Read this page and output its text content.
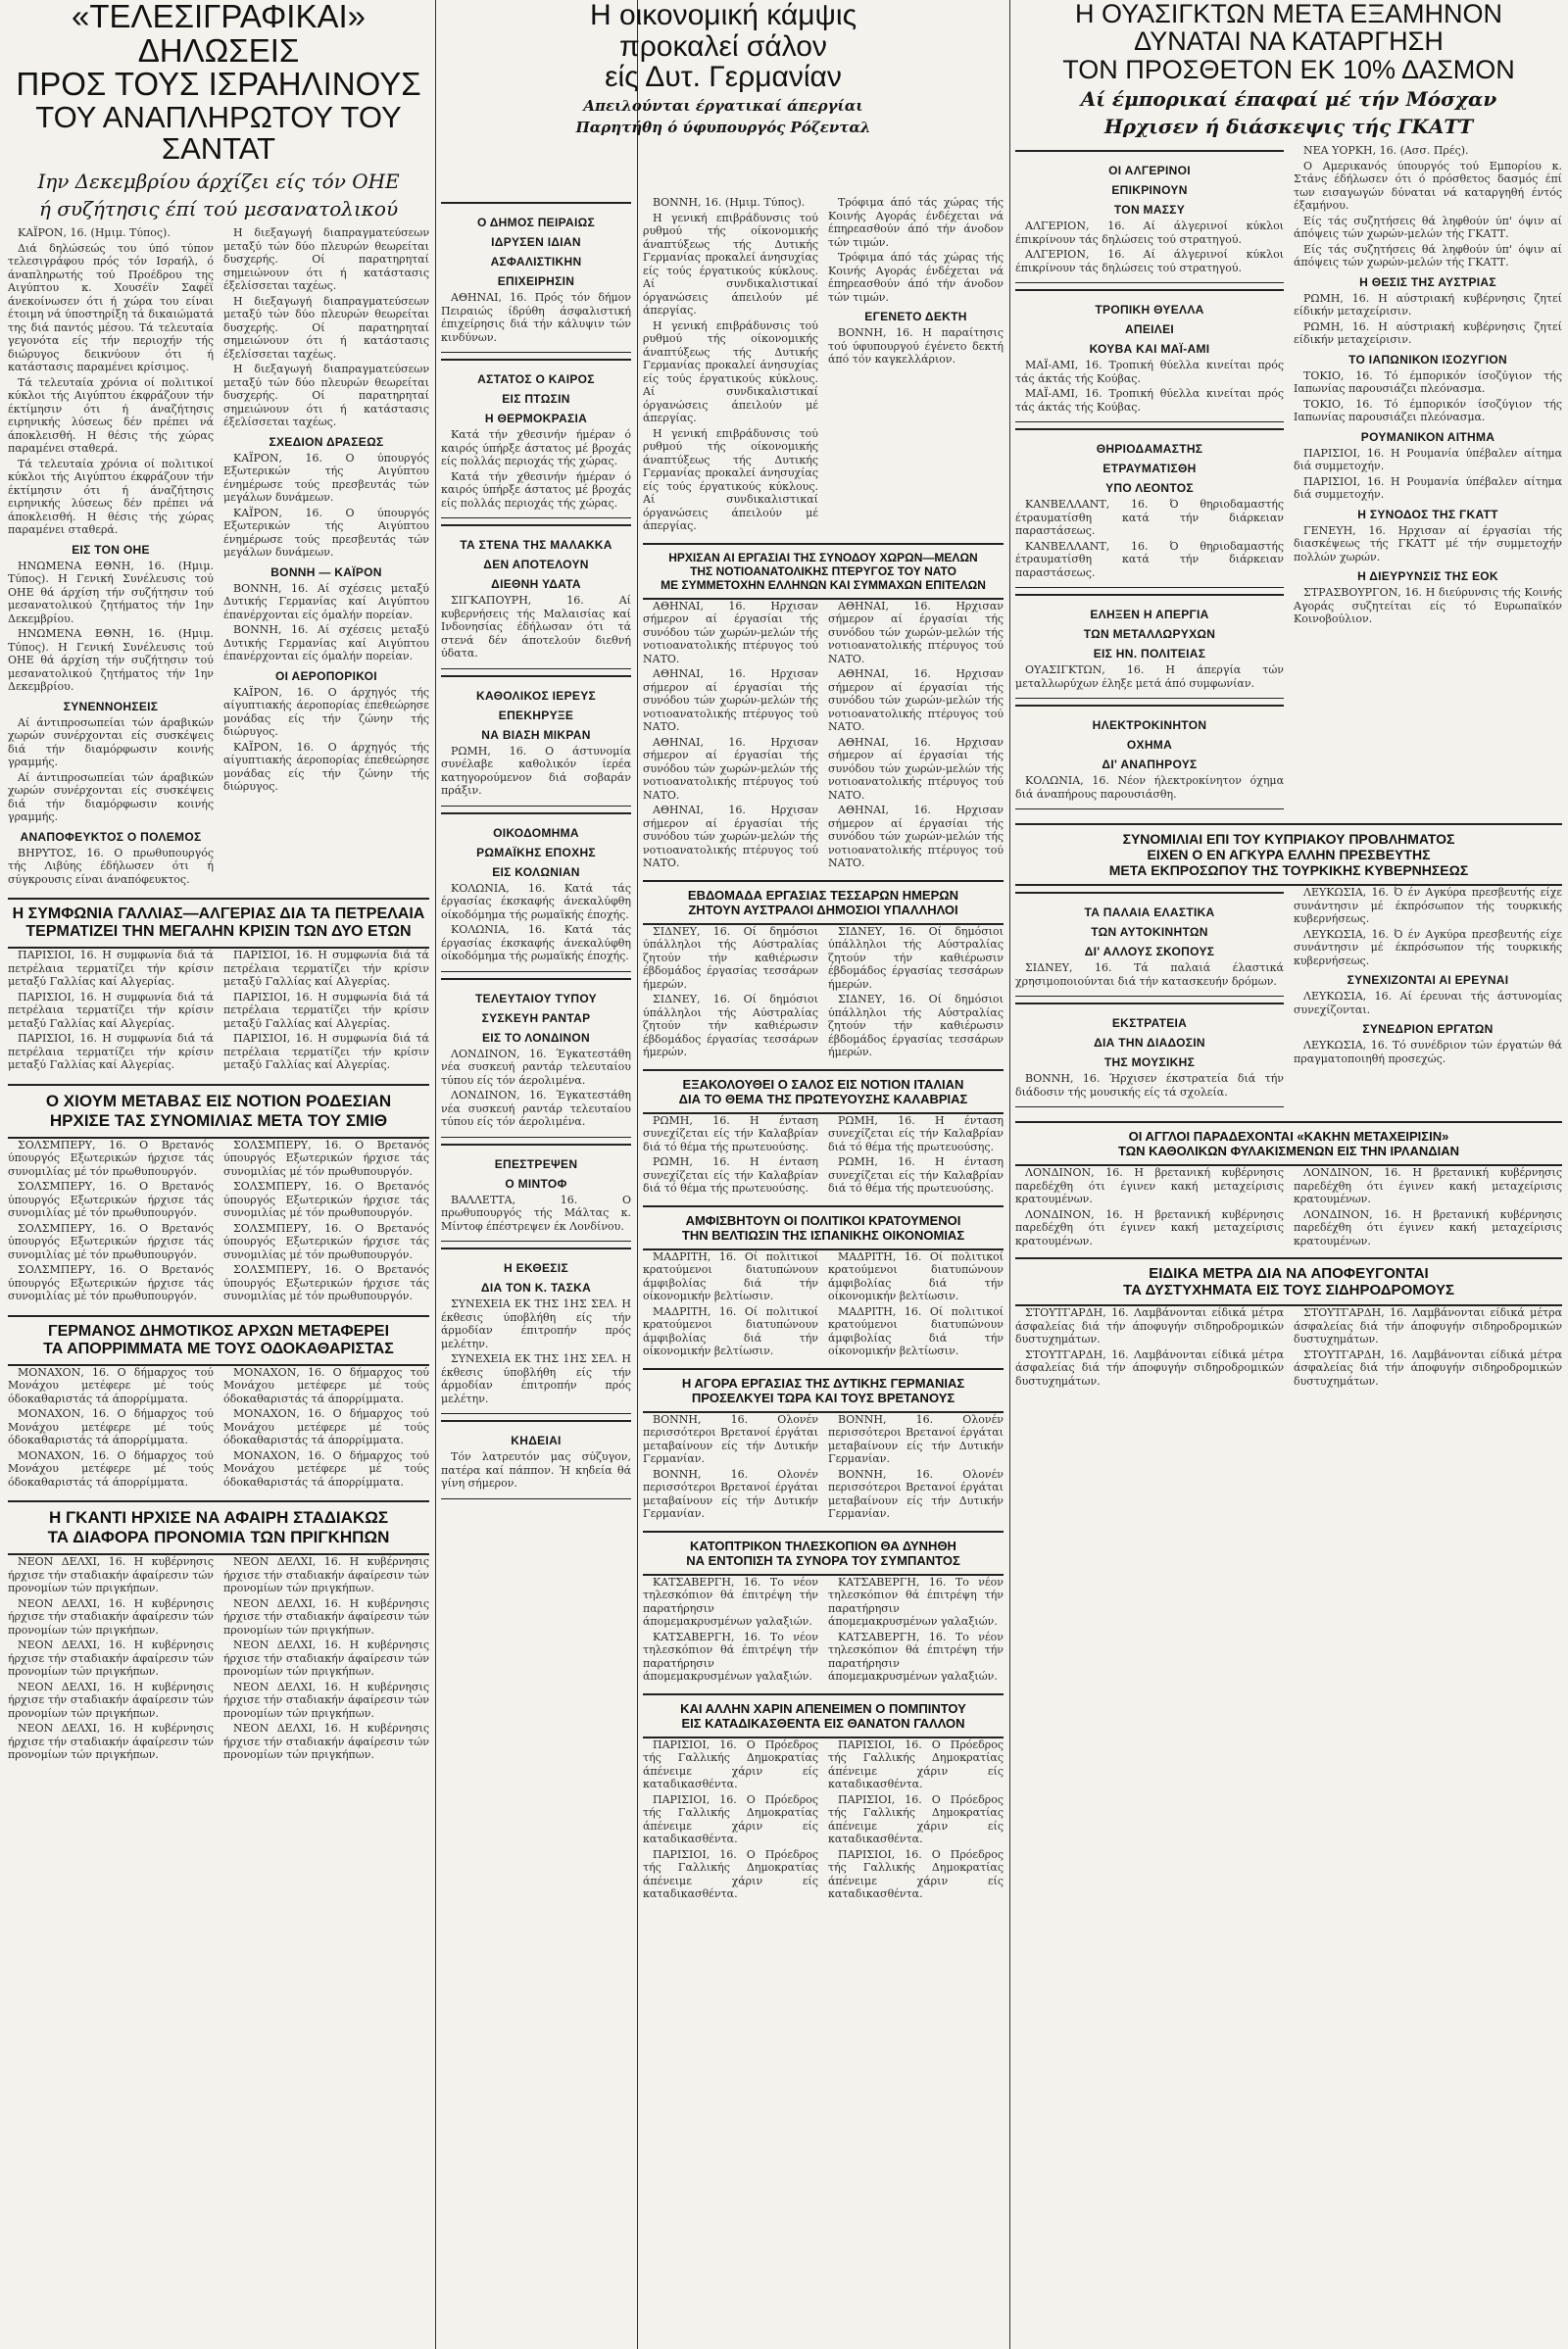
«ΤΕΛΕΣΙΓΡΑΦΙΚΑΙ» ΔΗΛΩΣΕΙΣ
ΠΡΟΣ ΤΟΥΣ ΙΣΡΑΗΛΙΝΟΥΣ
ΤΟΥ ΑΝΑΠΛΗΡΩΤΟΥ ΤΟΥ ΣΑΝΤΑΤ
Ιην Δεκεμβρίου άρχίζει είς τόν ΟΗΕ
ή συζήτησις έπί τού μεσανατολικού

ΚΑΪΡΟΝ, 16. (Ημιμ. Τύπος).

Διά δηλώσεώς του ύπό τύπον τελεσιγράφου πρός τόν Ισραήλ, ό άναπληρωτής τού Προέδρου της Αιγύπτου κ. Χουσέϊν Σαφέϊ άνεκοίνωσεν ότι ή χώρα του είναι έτοιμη νά ύποστηρίξη τά δικαιώματά της διά παντός μέσου. Τά τελευταία γεγονότα είς τήν περιοχήν τής διώρυγος δεικνύουν ότι ή κατάστασις παραμένει κρίσιμος.

Τά τελευταία χρόνια οί πολιτικοί κύκλοι τής Αιγύπτου έκφράζουν τήν έκτίμησιν ότι ή άναζήτησις ειρηνικής λύσεως δέν πρέπει νά άποκλεισθή. Η θέσις τής χώρας παραμένει σταθερά.

Τά τελευταία χρόνια οί πολιτικοί κύκλοι τής Αιγύπτου έκφράζουν τήν έκτίμησιν ότι ή άναζήτησις ειρηνικής λύσεως δέν πρέπει νά άποκλεισθή. Η θέσις τής χώρας παραμένει σταθερά.

ΕΙΣ ΤΟΝ ΟΗΕ

ΗΝΩΜΕΝΑ ΕΘΝΗ, 16. (Ημιμ. Τύπος). Η Γενική Συνέλευσις τού ΟΗΕ θά άρχίση τήν συζήτησιν τού μεσανατολικού ζητήματος τήν 1ην Δεκεμβρίου.

ΗΝΩΜΕΝΑ ΕΘΝΗ, 16. (Ημιμ. Τύπος). Η Γενική Συνέλευσις τού ΟΗΕ θά άρχίση τήν συζήτησιν τού μεσανατολικού ζητήματος τήν 1ην Δεκεμβρίου.

ΣΥΝΕΝΝΟΗΣΕΙΣ

Αί άντιπροσωπείαι τών άραβικών χωρών συνέρχονται είς συσκέψεις διά τήν διαμόρφωσιν κοινής γραμμής.

Αί άντιπροσωπείαι τών άραβικών χωρών συνέρχονται είς συσκέψεις διά τήν διαμόρφωσιν κοινής γραμμής.

ΑΝΑΠΟΦΕΥΚΤΟΣ Ο ΠΟΛΕΜΟΣ

ΒΗΡΥΤΟΣ, 16. Ο πρωθυπουργός τής Λιβύης έδήλωσεν ότι ή σύγκρουσις είναι άναπόφευκτος.

Η διεξαγωγή διαπραγματεύσεων μεταξύ τών δύο πλευρών θεωρείται δυσχερής. Οί παρατηρηταί σημειώνουν ότι ή κατάστασις έξελίσσεται ταχέως.

Η διεξαγωγή διαπραγματεύσεων μεταξύ τών δύο πλευρών θεωρείται δυσχερής. Οί παρατηρηταί σημειώνουν ότι ή κατάστασις έξελίσσεται ταχέως.

Η διεξαγωγή διαπραγματεύσεων μεταξύ τών δύο πλευρών θεωρείται δυσχερής. Οί παρατηρηταί σημειώνουν ότι ή κατάστασις έξελίσσεται ταχέως.

ΣΧΕΔΙΟΝ ΔΡΑΣΕΩΣ

ΚΑΪΡΟΝ, 16. Ο ύπουργός Εξωτερικών τής Αιγύπτου ένημέρωσε τούς πρεσβευτάς τών μεγάλων δυνάμεων.

ΚΑΪΡΟΝ, 16. Ο ύπουργός Εξωτερικών τής Αιγύπτου ένημέρωσε τούς πρεσβευτάς τών μεγάλων δυνάμεων.

ΒΟΝΝΗ — ΚΑΪΡΟΝ

ΒΟΝΝΗ, 16. Αί σχέσεις μεταξύ Δυτικής Γερμανίας καί Αιγύπτου έπανέρχονται είς όμαλήν πορείαν.

ΒΟΝΝΗ, 16. Αί σχέσεις μεταξύ Δυτικής Γερμανίας καί Αιγύπτου έπανέρχονται είς όμαλήν πορείαν.

ΟΙ ΑΕΡΟΠΟΡΙΚΟΙ

ΚΑΪΡΟΝ, 16. Ο άρχηγός τής αίγυπτιακής άεροπορίας έπεθεώρησε μονάδας είς τήν ζώνην τής διώρυγος.

ΚΑΪΡΟΝ, 16. Ο άρχηγός τής αίγυπτιακής άεροπορίας έπεθεώρησε μονάδας είς τήν ζώνην τής διώρυγος.

Η ΣΥΜΦΩΝΙΑ ΓΑΛΛΙΑΣ—ΑΛΓΕΡΙΑΣ ΔΙΑ ΤΑ ΠΕΤΡΕΛΑΙΑ
ΤΕΡΜΑΤΙΖΕΙ ΤΗΝ ΜΕΓΑΛΗΝ ΚΡΙΣΙΝ ΤΩΝ ΔΥΟ ΕΤΩΝ

ΠΑΡΙΣΙΟΙ, 16. Η συμφωνία διά τά πετρέλαια τερματίζει τήν κρίσιν μεταξύ Γαλλίας καί Αλγερίας.

ΠΑΡΙΣΙΟΙ, 16. Η συμφωνία διά τά πετρέλαια τερματίζει τήν κρίσιν μεταξύ Γαλλίας καί Αλγερίας.

ΠΑΡΙΣΙΟΙ, 16. Η συμφωνία διά τά πετρέλαια τερματίζει τήν κρίσιν μεταξύ Γαλλίας καί Αλγερίας.

ΠΑΡΙΣΙΟΙ, 16. Η συμφωνία διά τά πετρέλαια τερματίζει τήν κρίσιν μεταξύ Γαλλίας καί Αλγερίας.

ΠΑΡΙΣΙΟΙ, 16. Η συμφωνία διά τά πετρέλαια τερματίζει τήν κρίσιν μεταξύ Γαλλίας καί Αλγερίας.

ΠΑΡΙΣΙΟΙ, 16. Η συμφωνία διά τά πετρέλαια τερματίζει τήν κρίσιν μεταξύ Γαλλίας καί Αλγερίας.

Ο ΧΙΟΥΜ ΜΕΤΑΒΑΣ ΕΙΣ ΝΟΤΙΟΝ ΡΟΔΕΣΙΑΝ
ΗΡΧΙΣΕ ΤΑΣ ΣΥΝΟΜΙΛΙΑΣ ΜΕΤΑ ΤΟΥ ΣΜΙΘ

ΣΟΛΣΜΠΕΡΥ, 16. Ο Βρετανός ύπουργός Εξωτερικών ήρχισε τάς συνομιλίας μέ τόν πρωθυπουργόν.

ΣΟΛΣΜΠΕΡΥ, 16. Ο Βρετανός ύπουργός Εξωτερικών ήρχισε τάς συνομιλίας μέ τόν πρωθυπουργόν.

ΣΟΛΣΜΠΕΡΥ, 16. Ο Βρετανός ύπουργός Εξωτερικών ήρχισε τάς συνομιλίας μέ τόν πρωθυπουργόν.

ΣΟΛΣΜΠΕΡΥ, 16. Ο Βρετανός ύπουργός Εξωτερικών ήρχισε τάς συνομιλίας μέ τόν πρωθυπουργόν.

ΣΟΛΣΜΠΕΡΥ, 16. Ο Βρετανός ύπουργός Εξωτερικών ήρχισε τάς συνομιλίας μέ τόν πρωθυπουργόν.

ΣΟΛΣΜΠΕΡΥ, 16. Ο Βρετανός ύπουργός Εξωτερικών ήρχισε τάς συνομιλίας μέ τόν πρωθυπουργόν.

ΣΟΛΣΜΠΕΡΥ, 16. Ο Βρετανός ύπουργός Εξωτερικών ήρχισε τάς συνομιλίας μέ τόν πρωθυπουργόν.

ΣΟΛΣΜΠΕΡΥ, 16. Ο Βρετανός ύπουργός Εξωτερικών ήρχισε τάς συνομιλίας μέ τόν πρωθυπουργόν.

ΓΕΡΜΑΝΟΣ ΔΗΜΟΤΙΚΟΣ ΑΡΧΩΝ ΜΕΤΑΦΕΡΕΙ
ΤΑ ΑΠΟΡΡΙΜΜΑΤΑ ΜΕ ΤΟΥΣ ΟΔΟΚΑΘΑΡΙΣΤΑΣ

ΜΟΝΑΧΟΝ, 16. Ο δήμαρχος τού Μονάχου μετέφερε μέ τούς όδοκαθαριστάς τά άπορρίμματα.

ΜΟΝΑΧΟΝ, 16. Ο δήμαρχος τού Μονάχου μετέφερε μέ τούς όδοκαθαριστάς τά άπορρίμματα.

ΜΟΝΑΧΟΝ, 16. Ο δήμαρχος τού Μονάχου μετέφερε μέ τούς όδοκαθαριστάς τά άπορρίμματα.

ΜΟΝΑΧΟΝ, 16. Ο δήμαρχος τού Μονάχου μετέφερε μέ τούς όδοκαθαριστάς τά άπορρίμματα.

ΜΟΝΑΧΟΝ, 16. Ο δήμαρχος τού Μονάχου μετέφερε μέ τούς όδοκαθαριστάς τά άπορρίμματα.

ΜΟΝΑΧΟΝ, 16. Ο δήμαρχος τού Μονάχου μετέφερε μέ τούς όδοκαθαριστάς τά άπορρίμματα.

Η ΓΚΑΝΤΙ ΗΡΧΙΣΕ ΝΑ ΑΦΑΙΡΗ ΣΤΑΔΙΑΚΩΣ
ΤΑ ΔΙΑΦΟΡΑ ΠΡΟΝΟΜΙΑ ΤΩΝ ΠΡΙΓΚΗΠΩΝ

ΝΕΟΝ ΔΕΛΧΙ, 16. Η κυβέρνησις ήρχισε τήν σταδιακήν άφαίρεσιν τών προνομίων τών πριγκήπων.

ΝΕΟΝ ΔΕΛΧΙ, 16. Η κυβέρνησις ήρχισε τήν σταδιακήν άφαίρεσιν τών προνομίων τών πριγκήπων.

ΝΕΟΝ ΔΕΛΧΙ, 16. Η κυβέρνησις ήρχισε τήν σταδιακήν άφαίρεσιν τών προνομίων τών πριγκήπων.

ΝΕΟΝ ΔΕΛΧΙ, 16. Η κυβέρνησις ήρχισε τήν σταδιακήν άφαίρεσιν τών προνομίων τών πριγκήπων.

ΝΕΟΝ ΔΕΛΧΙ, 16. Η κυβέρνησις ήρχισε τήν σταδιακήν άφαίρεσιν τών προνομίων τών πριγκήπων.

ΝΕΟΝ ΔΕΛΧΙ, 16. Η κυβέρνησις ήρχισε τήν σταδιακήν άφαίρεσιν τών προνομίων τών πριγκήπων.

ΝΕΟΝ ΔΕΛΧΙ, 16. Η κυβέρνησις ήρχισε τήν σταδιακήν άφαίρεσιν τών προνομίων τών πριγκήπων.

ΝΕΟΝ ΔΕΛΧΙ, 16. Η κυβέρνησις ήρχισε τήν σταδιακήν άφαίρεσιν τών προνομίων τών πριγκήπων.

ΝΕΟΝ ΔΕΛΧΙ, 16. Η κυβέρνησις ήρχισε τήν σταδιακήν άφαίρεσιν τών προνομίων τών πριγκήπων.

ΝΕΟΝ ΔΕΛΧΙ, 16. Η κυβέρνησις ήρχισε τήν σταδιακήν άφαίρεσιν τών προνομίων τών πριγκήπων.

Ο ΔΗΜΟΣ ΠΕΙΡΑΙΩΣ
ΙΔΡΥΣΕΝ ΙΔΙΑΝ
ΑΣΦΑΛΙΣΤΙΚΗΝ
ΕΠΙΧΕΙΡΗΣΙΝ

ΑΘΗΝΑΙ, 16. Πρός τόν δήμον Πειραιώς ίδρύθη άσφαλιστική έπιχείρησις διά τήν κάλυψιν τών κινδύνων.

ΑΣΤΑΤΟΣ Ο ΚΑΙΡΟΣ
ΕΙΣ ΠΤΩΣΙΝ
Η ΘΕΡΜΟΚΡΑΣΙΑ

Κατά τήν χθεσινήν ήμέραν ό καιρός ύπήρξε άστατος μέ βροχάς είς πολλάς περιοχάς τής χώρας.

Κατά τήν χθεσινήν ήμέραν ό καιρός ύπήρξε άστατος μέ βροχάς είς πολλάς περιοχάς τής χώρας.

ΤΑ ΣΤΕΝΑ ΤΗΣ ΜΑΛΑΚΚΑ
ΔΕΝ ΑΠΟΤΕΛΟΥΝ
ΔΙΕΘΝΗ ΥΔΑΤΑ

ΣΙΓΚΑΠΟΥΡΗ, 16. Αί κυβερνήσεις τής Μαλαισίας καί Ινδονησίας έδήλωσαν ότι τά στενά δέν άποτελούν διεθνή ύδατα.

ΚΑΘΟΛΙΚΟΣ ΙΕΡΕΥΣ
ΕΠΕΚΗΡΥΞΕ
ΝΑ ΒΙΑΣΗ ΜΙΚΡΑΝ

ΡΩΜΗ, 16. Ο άστυνομία συνέλαβε καθολικόν ίερέα κατηγορούμενον διά σοβαράν πράξιν.

ΟΙΚΟΔΟΜΗΜΑ
ΡΩΜΑΪΚΗΣ ΕΠΟΧΗΣ
ΕΙΣ ΚΟΛΩΝΙΑΝ

ΚΟΛΩΝΙΑ, 16. Κατά τάς έργασίας έκσκαφής άνεκαλύφθη οίκοδόμημα τής ρωμαϊκής έποχής.

ΚΟΛΩΝΙΑ, 16. Κατά τάς έργασίας έκσκαφής άνεκαλύφθη οίκοδόμημα τής ρωμαϊκής έποχής.

ΤΕΛΕΥΤΑΙΟΥ ΤΥΠΟΥ
ΣΥΣΚΕΥΗ ΡΑΝΤΑΡ
ΕΙΣ ΤΟ ΛΟΝΔΙΝΟΝ

ΛΟΝΔΙΝΟΝ, 16. Έγκατεστάθη νέα συσκευή ραντάρ τελευταίου τύπου είς τόν άερολιμένα.

ΛΟΝΔΙΝΟΝ, 16. Έγκατεστάθη νέα συσκευή ραντάρ τελευταίου τύπου είς τόν άερολιμένα.

ΕΠΕΣΤΡΕΨΕΝ
Ο ΜΙΝΤΟΦ

ΒΑΛΛΕΤΤΑ, 16. Ο πρωθυπουργός τής Μάλτας κ. Μίντοφ έπέστρεψεν έκ Λονδίνου.

Η ΕΚΘΕΣΙΣ
ΔΙΑ ΤΟΝ Κ. ΤΑΣΚΑ

ΣΥΝΕΧΕΙΑ ΕΚ ΤΗΣ 1ΗΣ ΣΕΛ. Η έκθεσις ύποβλήθη είς τήν άρμοδίαν έπιτροπήν πρός μελέτην.

ΣΥΝΕΧΕΙΑ ΕΚ ΤΗΣ 1ΗΣ ΣΕΛ. Η έκθεσις ύποβλήθη είς τήν άρμοδίαν έπιτροπήν πρός μελέτην.

ΚΗΔΕΙΑΙ

Τόν λατρευτόν μας σύζυγον, πατέρα καί πάππον. Ή κηδεία θά γίνη σήμερον.

Η οικονομική κάμψις
προκαλεί σάλον
είς Δυτ. Γερμανίαν
Απειλούνται έργατικαί άπεργίαι
Παρητήθη ό ύφυπουργός Ρόζενταλ

ΒΟΝΝΗ, 16. (Ημιμ. Τύπος).

Η γενική επιβράδυνσις τού ρυθμού τής οίκονομικής άναπτύξεως τής Δυτικής Γερμανίας προκαλεί άνησυχίας είς τούς έργατικούς κύκλους. Αί συνδικαλιστικαί όργανώσεις άπειλούν μέ άπεργίας.

Η γενική επιβράδυνσις τού ρυθμού τής οίκονομικής άναπτύξεως τής Δυτικής Γερμανίας προκαλεί άνησυχίας είς τούς έργατικούς κύκλους. Αί συνδικαλιστικαί όργανώσεις άπειλούν μέ άπεργίας.

Η γενική επιβράδυνσις τού ρυθμού τής οίκονομικής άναπτύξεως τής Δυτικής Γερμανίας προκαλεί άνησυχίας είς τούς έργατικούς κύκλους. Αί συνδικαλιστικαί όργανώσεις άπειλούν μέ άπεργίας.

Τρόφιμα άπό τάς χώρας τής Κοινής Αγοράς ένδέχεται νά έπηρεασθούν άπό τήν άνοδον τών τιμών.

Τρόφιμα άπό τάς χώρας τής Κοινής Αγοράς ένδέχεται νά έπηρεασθούν άπό τήν άνοδον τών τιμών.

ΕΓΕΝΕΤΟ ΔΕΚΤΗ

ΒΟΝΝΗ, 16. Η παραίτησις τού ύφυπουργού έγένετο δεκτή άπό τόν καγκελλάριον.

ΗΡΧΙΣΑΝ ΑΙ ΕΡΓΑΣΙΑΙ ΤΗΣ ΣΥΝΟΔΟΥ ΧΩΡΩΝ—ΜΕΛΩΝ
ΤΗΣ ΝΟΤΙΟΑΝΑΤΟΛΙΚΗΣ ΠΤΕΡΥΓΟΣ ΤΟΥ ΝΑΤΟ
ΜΕ ΣΥΜΜΕΤΟΧΗΝ ΕΛΛΗΝΩΝ ΚΑΙ ΣΥΜΜΑΧΩΝ ΕΠΙΤΕΛΩΝ

ΑΘΗΝΑΙ, 16. Ηρχισαν σήμερον αί έργασίαι τής συνόδου τών χωρών-μελών τής νοτιοανατολικής πτέρυγος τού ΝΑΤΟ.

ΑΘΗΝΑΙ, 16. Ηρχισαν σήμερον αί έργασίαι τής συνόδου τών χωρών-μελών τής νοτιοανατολικής πτέρυγος τού ΝΑΤΟ.

ΑΘΗΝΑΙ, 16. Ηρχισαν σήμερον αί έργασίαι τής συνόδου τών χωρών-μελών τής νοτιοανατολικής πτέρυγος τού ΝΑΤΟ.

ΑΘΗΝΑΙ, 16. Ηρχισαν σήμερον αί έργασίαι τής συνόδου τών χωρών-μελών τής νοτιοανατολικής πτέρυγος τού ΝΑΤΟ.

ΑΘΗΝΑΙ, 16. Ηρχισαν σήμερον αί έργασίαι τής συνόδου τών χωρών-μελών τής νοτιοανατολικής πτέρυγος τού ΝΑΤΟ.

ΑΘΗΝΑΙ, 16. Ηρχισαν σήμερον αί έργασίαι τής συνόδου τών χωρών-μελών τής νοτιοανατολικής πτέρυγος τού ΝΑΤΟ.

ΑΘΗΝΑΙ, 16. Ηρχισαν σήμερον αί έργασίαι τής συνόδου τών χωρών-μελών τής νοτιοανατολικής πτέρυγος τού ΝΑΤΟ.

ΑΘΗΝΑΙ, 16. Ηρχισαν σήμερον αί έργασίαι τής συνόδου τών χωρών-μελών τής νοτιοανατολικής πτέρυγος τού ΝΑΤΟ.

ΕΒΔΟΜΑΔΑ ΕΡΓΑΣΙΑΣ ΤΕΣΣΑΡΩΝ ΗΜΕΡΩΝ
ΖΗΤΟΥΝ ΑΥΣΤΡΑΛΟΙ ΔΗΜΟΣΙΟΙ ΥΠΑΛΛΗΛΟΙ

ΣΙΔΝΕΥ, 16. Οί δημόσιοι ύπάλληλοι τής Αύστραλίας ζητούν τήν καθιέρωσιν έβδομάδος έργασίας τεσσάρων ήμερών.

ΣΙΔΝΕΥ, 16. Οί δημόσιοι ύπάλληλοι τής Αύστραλίας ζητούν τήν καθιέρωσιν έβδομάδος έργασίας τεσσάρων ήμερών.

ΣΙΔΝΕΥ, 16. Οί δημόσιοι ύπάλληλοι τής Αύστραλίας ζητούν τήν καθιέρωσιν έβδομάδος έργασίας τεσσάρων ήμερών.

ΣΙΔΝΕΥ, 16. Οί δημόσιοι ύπάλληλοι τής Αύστραλίας ζητούν τήν καθιέρωσιν έβδομάδος έργασίας τεσσάρων ήμερών.

ΕΞΑΚΟΛΟΥΘΕΙ Ο ΣΑΛΟΣ ΕΙΣ ΝΟΤΙΟΝ ΙΤΑΛΙΑΝ
ΔΙΑ ΤΟ ΘΕΜΑ ΤΗΣ ΠΡΩΤΕΥΟΥΣΗΣ ΚΑΛΑΒΡΙΑΣ

ΡΩΜΗ, 16. Η ένταση συνεχίζεται είς τήν Καλαβρίαν διά τό θέμα τής πρωτευούσης.

ΡΩΜΗ, 16. Η ένταση συνεχίζεται είς τήν Καλαβρίαν διά τό θέμα τής πρωτευούσης.

ΡΩΜΗ, 16. Η ένταση συνεχίζεται είς τήν Καλαβρίαν διά τό θέμα τής πρωτευούσης.

ΡΩΜΗ, 16. Η ένταση συνεχίζεται είς τήν Καλαβρίαν διά τό θέμα τής πρωτευούσης.

ΑΜΦΙΣΒΗΤΟΥΝ ΟΙ ΠΟΛΙΤΙΚΟΙ ΚΡΑΤΟΥΜΕΝΟΙ
ΤΗΝ ΒΕΛΤΙΩΣΙΝ ΤΗΣ ΙΣΠΑΝΙΚΗΣ ΟΙΚΟΝΟΜΙΑΣ

ΜΑΔΡΙΤΗ, 16. Οί πολιτικοί κρατούμενοι διατυπώνουν άμφιβολίας διά τήν οίκονομικήν βελτίωσιν.

ΜΑΔΡΙΤΗ, 16. Οί πολιτικοί κρατούμενοι διατυπώνουν άμφιβολίας διά τήν οίκονομικήν βελτίωσιν.

ΜΑΔΡΙΤΗ, 16. Οί πολιτικοί κρατούμενοι διατυπώνουν άμφιβολίας διά τήν οίκονομικήν βελτίωσιν.

ΜΑΔΡΙΤΗ, 16. Οί πολιτικοί κρατούμενοι διατυπώνουν άμφιβολίας διά τήν οίκονομικήν βελτίωσιν.

Η ΑΓΟΡΑ ΕΡΓΑΣΙΑΣ ΤΗΣ ΔΥΤΙΚΗΣ ΓΕΡΜΑΝΙΑΣ
ΠΡΟΣΕΛΚΥΕΙ ΤΩΡΑ ΚΑΙ ΤΟΥΣ ΒΡΕΤΑΝΟΥΣ

ΒΟΝΝΗ, 16. Ολονέν περισσότεροι Βρετανοί έργάται μεταβαίνουν είς τήν Δυτικήν Γερμανίαν.

ΒΟΝΝΗ, 16. Ολονέν περισσότεροι Βρετανοί έργάται μεταβαίνουν είς τήν Δυτικήν Γερμανίαν.

ΒΟΝΝΗ, 16. Ολονέν περισσότεροι Βρετανοί έργάται μεταβαίνουν είς τήν Δυτικήν Γερμανίαν.

ΒΟΝΝΗ, 16. Ολονέν περισσότεροι Βρετανοί έργάται μεταβαίνουν είς τήν Δυτικήν Γερμανίαν.

ΚΑΤΟΠΤΡΙΚΟΝ ΤΗΛΕΣΚΟΠΙΟΝ ΘΑ ΔΥΝΗΘΗ
ΝΑ ΕΝΤΟΠΙΣΗ ΤΑ ΣΥΝΟΡΑ ΤΟΥ ΣΥΜΠΑΝΤΟΣ

ΚΑΤΣΑΒΕΡΓΗ, 16. Το νέον τηλεσκόπιον θά έπιτρέψη τήν παρατήρησιν άπομεμακρυσμένων γαλαξιών.

ΚΑΤΣΑΒΕΡΓΗ, 16. Το νέον τηλεσκόπιον θά έπιτρέψη τήν παρατήρησιν άπομεμακρυσμένων γαλαξιών.

ΚΑΤΣΑΒΕΡΓΗ, 16. Το νέον τηλεσκόπιον θά έπιτρέψη τήν παρατήρησιν άπομεμακρυσμένων γαλαξιών.

ΚΑΤΣΑΒΕΡΓΗ, 16. Το νέον τηλεσκόπιον θά έπιτρέψη τήν παρατήρησιν άπομεμακρυσμένων γαλαξιών.

ΚΑΙ ΑΛΛΗΝ ΧΑΡΙΝ ΑΠΕΝΕΙΜΕΝ Ο ΠΟΜΠΙΝΤΟΥ
ΕΙΣ ΚΑΤΑΔΙΚΑΣΘΕΝΤΑ ΕΙΣ ΘΑΝΑΤΟΝ ΓΑΛΛΟΝ

ΠΑΡΙΣΙΟΙ, 16. Ο Πρόεδρος τής Γαλλικής Δημοκρατίας άπένειμε χάριν είς καταδικασθέντα.

ΠΑΡΙΣΙΟΙ, 16. Ο Πρόεδρος τής Γαλλικής Δημοκρατίας άπένειμε χάριν είς καταδικασθέντα.

ΠΑΡΙΣΙΟΙ, 16. Ο Πρόεδρος τής Γαλλικής Δημοκρατίας άπένειμε χάριν είς καταδικασθέντα.

ΠΑΡΙΣΙΟΙ, 16. Ο Πρόεδρος τής Γαλλικής Δημοκρατίας άπένειμε χάριν είς καταδικασθέντα.

ΠΑΡΙΣΙΟΙ, 16. Ο Πρόεδρος τής Γαλλικής Δημοκρατίας άπένειμε χάριν είς καταδικασθέντα.

ΠΑΡΙΣΙΟΙ, 16. Ο Πρόεδρος τής Γαλλικής Δημοκρατίας άπένειμε χάριν είς καταδικασθέντα.

Η ΟΥΑΣΙΓΚΤΩΝ ΜΕΤΑ ΕΞΑΜΗΝΟΝ
ΔΥΝΑΤΑΙ ΝΑ ΚΑΤΑΡΓΗΣΗ
ΤΟΝ ΠΡΟΣΘΕΤΟΝ ΕΚ 10% ΔΑΣΜΟΝ
Αί έμπορικαί έπαφαί μέ τήν Μόσχαν
Ηρχισεν ή διάσκεψις τής ΓΚΑΤΤ
ΟΙ ΑΛΓΕΡΙΝΟΙ
ΕΠΙΚΡΙΝΟΥΝ
ΤΟΝ ΜΑΣΣΥ

ΑΛΓΕΡΙΟΝ, 16. Αί άλγερινοί κύκλοι έπικρίνουν τάς δηλώσεις τού στρατηγού.

ΑΛΓΕΡΙΟΝ, 16. Αί άλγερινοί κύκλοι έπικρίνουν τάς δηλώσεις τού στρατηγού.

ΤΡΟΠΙΚΗ ΘΥΕΛΛΑ
ΑΠΕΙΛΕΙ
ΚΟΥΒΑ ΚΑΙ ΜΑΪ-ΑΜΙ

ΜΑΪ-ΑΜΙ, 16. Τροπική θύελλα κινείται πρός τάς άκτάς τής Κούβας.

ΜΑΪ-ΑΜΙ, 16. Τροπική θύελλα κινείται πρός τάς άκτάς τής Κούβας.

ΘΗΡΙΟΔΑΜΑΣΤΗΣ
ΕΤΡΑΥΜΑΤΙΣΘΗ
ΥΠΟ ΛΕΟΝΤΟΣ

ΚΑΝΒΕΛΛΑΝΤ, 16. Ό θηριοδαμαστής έτραυματίσθη κατά τήν διάρκειαν παραστάσεως.

ΚΑΝΒΕΛΛΑΝΤ, 16. Ό θηριοδαμαστής έτραυματίσθη κατά τήν διάρκειαν παραστάσεως.

ΕΛΗΞΕΝ Η ΑΠΕΡΓΙΑ
ΤΩΝ ΜΕΤΑΛΛΩΡΥΧΩΝ
ΕΙΣ ΗΝ. ΠΟΛΙΤΕΙΑΣ

ΟΥΑΣΙΓΚΤΩΝ, 16. Η άπεργία τών μεταλλωρύχων έληξε μετά άπό συμφωνίαν.

ΗΛΕΚΤΡΟΚΙΝΗΤΟΝ
ΟΧΗΜΑ
ΔΙ' ΑΝΑΠΗΡΟΥΣ

ΚΟΛΩΝΙΑ, 16. Νέον ήλεκτροκίνητον όχημα διά άναπήρους παρουσιάσθη.

ΝΕΑ ΥΟΡΚΗ, 16. (Ασσ. Πρές).

Ο Αμερικανός ύπουργός τού Εμπορίου κ. Στάνς έδήλωσεν ότι ό πρόσθετος δασμός έπί των εισαγωγών δύναται νά καταργηθή έντός έξαμήνου.

Είς τάς συζητήσεις θά ληφθούν ύπ' όψιν αί άπόψεις τών χωρών-μελών τής ΓΚΑΤΤ.

Είς τάς συζητήσεις θά ληφθούν ύπ' όψιν αί άπόψεις τών χωρών-μελών τής ΓΚΑΤΤ.

Η ΘΕΣΙΣ ΤΗΣ ΑΥΣΤΡΙΑΣ

ΡΩΜΗ, 16. Η αύστριακή κυβέρνησις ζητεί είδικήν μεταχείρισιν.

ΡΩΜΗ, 16. Η αύστριακή κυβέρνησις ζητεί είδικήν μεταχείρισιν.

ΤΟ ΙΑΠΩΝΙΚΟΝ ΙΣΟΖΥΓΙΟΝ

ΤΟΚΙΟ, 16. Τό έμπορικόν ίσοζύγιον τής Ιαπωνίας παρουσιάζει πλεόνασμα.

ΤΟΚΙΟ, 16. Τό έμπορικόν ίσοζύγιον τής Ιαπωνίας παρουσιάζει πλεόνασμα.

ΡΟΥΜΑΝΙΚΟΝ ΑΙΤΗΜΑ

ΠΑΡΙΣΙΟΙ, 16. Η Ρουμανία ύπέβαλεν αίτημα διά συμμετοχήν.

ΠΑΡΙΣΙΟΙ, 16. Η Ρουμανία ύπέβαλεν αίτημα διά συμμετοχήν.

Η ΣΥΝΟΔΟΣ ΤΗΣ ΓΚΑΤΤ

ΓΕΝΕΥΗ, 16. Ηρχισαν αί έργασίαι τής διασκέψεως τής ΓΚΑΤΤ μέ τήν συμμετοχήν πολλών χωρών.

Η ΔΙΕΥΡΥΝΣΙΣ ΤΗΣ ΕΟΚ

ΣΤΡΑΣΒΟΥΡΓΟΝ, 16. Η διεύρυνσις τής Κοινής Αγοράς συζητείται είς τό Ευρωπαϊκόν Κοινοβούλιον.

ΣΥΝΟΜΙΛΙΑΙ ΕΠΙ ΤΟΥ ΚΥΠΡΙΑΚΟΥ ΠΡΟΒΛΗΜΑΤΟΣ
ΕΙΧΕΝ Ο ΕΝ ΑΓΚΥΡΑ ΕΛΛΗΝ ΠΡΕΣΒΕΥΤΗΣ
ΜΕΤΑ ΕΚΠΡΟΣΩΠΟΥ ΤΗΣ ΤΟΥΡΚΙΚΗΣ ΚΥΒΕΡΝΗΣΕΩΣ
ΤΑ ΠΑΛΑΙΑ ΕΛΑΣΤΙΚΑ
ΤΩΝ ΑΥΤΟΚΙΝΗΤΩΝ
ΔΙ' ΑΛΛΟΥΣ ΣΚΟΠΟΥΣ

ΣΙΔΝΕΥ, 16. Τά παλαιά έλαστικά χρησιμοποιούνται διά τήν κατασκευήν δρόμων.

ΕΚΣΤΡΑΤΕΙΑ
ΔΙΑ ΤΗΝ ΔΙΑΔΟΣΙΝ
ΤΗΣ ΜΟΥΣΙΚΗΣ

ΒΟΝΝΗ, 16. Ήρχισεν έκστρατεία διά τήν διάδοσιν τής μουσικής είς τά σχολεία.

ΛΕΥΚΩΣΙΑ, 16. Ό έν Αγκύρα πρεσβευτής είχε συνάντησιν μέ έκπρόσωπον τής τουρκικής κυβερνήσεως.

ΛΕΥΚΩΣΙΑ, 16. Ό έν Αγκύρα πρεσβευτής είχε συνάντησιν μέ έκπρόσωπον τής τουρκικής κυβερνήσεως.

ΣΥΝΕΧΙΖΟΝΤΑΙ ΑΙ ΕΡΕΥΝΑΙ

ΛΕΥΚΩΣΙΑ, 16. Αί έρευναι τής άστυνομίας συνεχίζονται.

ΣΥΝΕΔΡΙΟΝ ΕΡΓΑΤΩΝ

ΛΕΥΚΩΣΙΑ, 16. Τό συνέδριον τών έργατών θά πραγματοποιηθή προσεχώς.

ΟΙ ΑΓΓΛΟΙ ΠΑΡΑΔΕΧΟΝΤΑΙ «ΚΑΚΗΝ ΜΕΤΑΧΕΙΡΙΣΙΝ»
ΤΩΝ ΚΑΘΟΛΙΚΩΝ ΦΥΛΑΚΙΣΜΕΝΩΝ ΕΙΣ ΤΗΝ ΙΡΛΑΝΔΙΑΝ

ΛΟΝΔΙΝΟΝ, 16. Η βρετανική κυβέρνησις παρεδέχθη ότι έγινεν κακή μεταχείρισις κρατουμένων.

ΛΟΝΔΙΝΟΝ, 16. Η βρετανική κυβέρνησις παρεδέχθη ότι έγινεν κακή μεταχείρισις κρατουμένων.

ΛΟΝΔΙΝΟΝ, 16. Η βρετανική κυβέρνησις παρεδέχθη ότι έγινεν κακή μεταχείρισις κρατουμένων.

ΛΟΝΔΙΝΟΝ, 16. Η βρετανική κυβέρνησις παρεδέχθη ότι έγινεν κακή μεταχείρισις κρατουμένων.

ΕΙΔΙΚΑ ΜΕΤΡΑ ΔΙΑ ΝΑ ΑΠΟΦΕΥΓΟΝΤΑΙ
ΤΑ ΔΥΣΤΥΧΗΜΑΤΑ ΕΙΣ ΤΟΥΣ ΣΙΔΗΡΟΔΡΟΜΟΥΣ

ΣΤΟΥΤΓΑΡΔΗ, 16. Λαμβάνονται είδικά μέτρα άσφαλείας διά τήν άποφυγήν σιδηροδρομικών δυστυχημάτων.

ΣΤΟΥΤΓΑΡΔΗ, 16. Λαμβάνονται είδικά μέτρα άσφαλείας διά τήν άποφυγήν σιδηροδρομικών δυστυχημάτων.

ΣΤΟΥΤΓΑΡΔΗ, 16. Λαμβάνονται είδικά μέτρα άσφαλείας διά τήν άποφυγήν σιδηροδρομικών δυστυχημάτων.

ΣΤΟΥΤΓΑΡΔΗ, 16. Λαμβάνονται είδικά μέτρα άσφαλείας διά τήν άποφυγήν σιδηροδρομικών δυστυχημάτων.
